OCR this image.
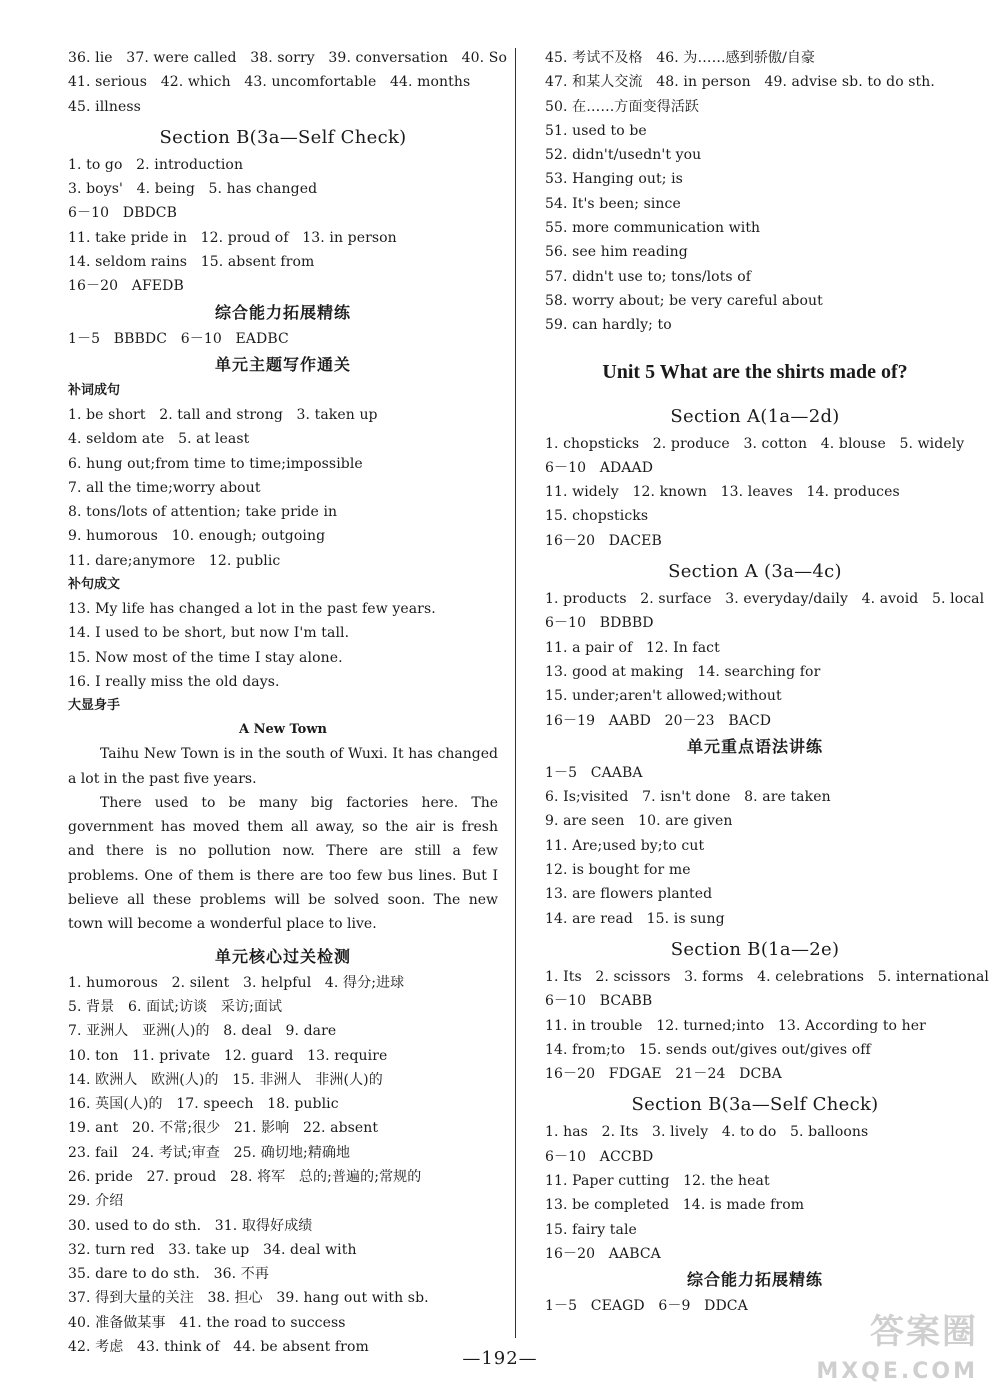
36. lie   37. were called   38. sorry   39. conversation   40. So
41. serious   42. which   43. uncomfortable   44. months
45. illness
Section B(3a—Self Check)
1. to go   2. introduction
3. boys'   4. being   5. has changed
6－10   DBDCB
11. take pride in   12. proud of   13. in person
14. seldom rains   15. absent from
16－20   AFEDB
综合能力拓展精练
1－5   BBBDC   6－10   EADBC
单元主题写作通关
补词成句
1. be short   2. tall and strong   3. taken up
4. seldom ate   5. at least
6. hung out;from time to time;impossible
7. all the time;worry about
8. tons/lots of attention; take pride in
9. humorous   10. enough; outgoing
11. dare;anymore   12. public
补句成文
13. My life has changed a lot in the past few years.
14. I used to be short, but now I'm tall.
15. Now most of the time I stay alone.
16. I really miss the old days.
大显身手
A New Town

Taihu New Town is in the south of Wuxi. It has changed a lot in the past five years.

There used to be many big factories here. The government has moved them all away, so the air is fresh and there is no pollution now. There are still a few problems. One of them is there are too few bus lines. But I believe all these problems will be solved soon. The new town will become a wonderful place to live.

单元核心过关检测
1. humorous   2. silent   3. helpful   4. 得分;进球
5. 背景   6. 面试;访谈   采访;面试
7. 亚洲人   亚洲(人)的   8. deal   9. dare
10. ton   11. private   12. guard   13. require
14. 欧洲人   欧洲(人)的   15. 非洲人   非洲(人)的
16. 英国(人)的   17. speech   18. public
19. ant   20. 不常;很少   21. 影响   22. absent
23. fail   24. 考试;审查   25. 确切地;精确地
26. pride   27. proud   28. 将军   总的;普遍的;常规的
29. 介绍
30. used to do sth.   31. 取得好成绩
32. turn red   33. take up   34. deal with
35. dare to do sth.   36. 不再
37. 得到大量的关注   38. 担心   39. hang out with sb.
40. 准备做某事   41. the road to success
42. 考虑   43. think of   44. be absent from
45. 考试不及格   46. 为……感到骄傲/自豪
47. 和某人交流   48. in person   49. advise sb. to do sth.
50. 在……方面变得活跃
51. used to be
52. didn't/usedn't you
53. Hanging out; is
54. It's been; since
55. more communication with
56. see him reading
57. didn't use to; tons/lots of
58. worry about; be very careful about
59. can hardly; to
Unit 5 What are the shirts made of?
Section A(1a—2d)
1. chopsticks   2. produce   3. cotton   4. blouse   5. widely
6－10   ADAAD
11. widely   12. known   13. leaves   14. produces
15. chopsticks
16－20   DACEB
Section A (3a—4c)
1. products   2. surface   3. everyday/daily   4. avoid   5. local
6－10   BDBBD
11. a pair of   12. In fact
13. good at making   14. searching for
15. under;aren't allowed;without
16－19   AABD   20－23   BACD
单元重点语法讲练
1－5   CAABA
6. Is;visited   7. isn't done   8. are taken
9. are seen   10. are given
11. Are;used by;to cut
12. is bought for me
13. are flowers planted
14. are read   15. is sung
Section B(1a—2e)
1. Its   2. scissors   3. forms   4. celebrations   5. international
6－10   BCABB
11. in trouble   12. turned;into   13. According to her
14. from;to   15. sends out/gives out/gives off
16－20   FDGAE   21－24   DCBA
Section B(3a—Self Check)
1. has   2. Its   3. lively   4. to do   5. balloons
6－10   ACCBD
11. Paper cutting   12. the heat
13. be completed   14. is made from
15. fairy tale
16－20   AABCA
综合能力拓展精练
1－5   CEAGD   6－9   DDCA
—192—
答案圈
MXQE.COM
